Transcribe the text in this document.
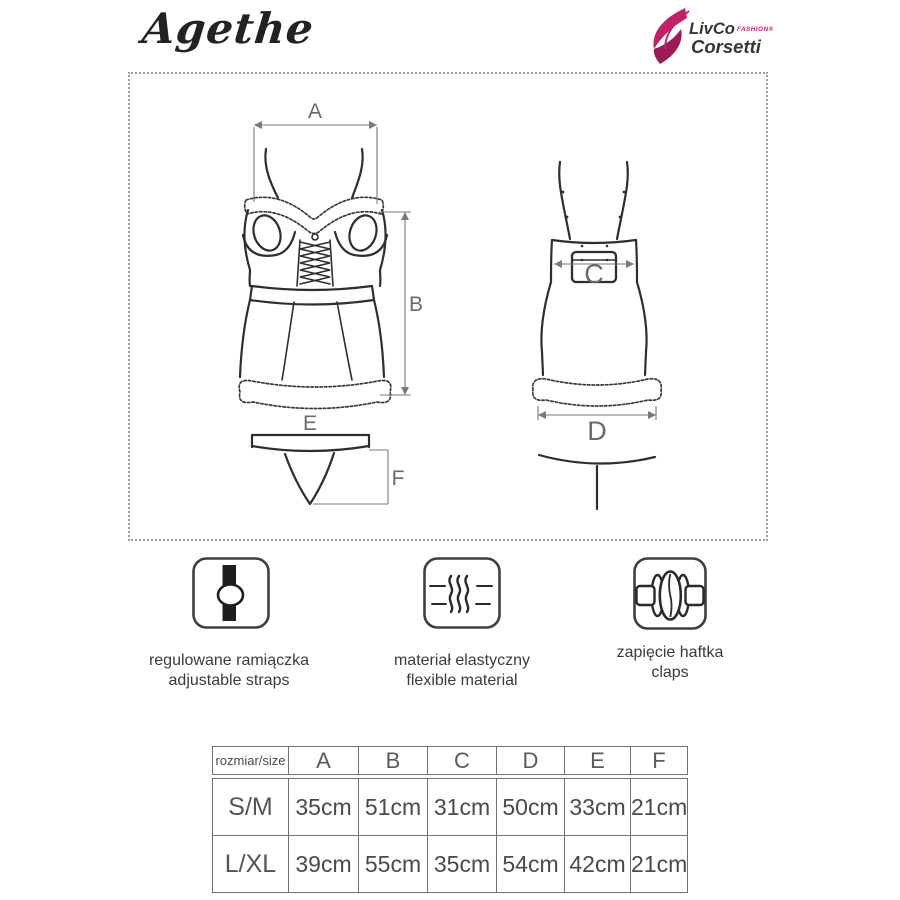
Agethe	LivCo FASHION®
Corsetti
A
B
C
D
E
F
regulowane ramiączka
adjustable straps
materiał elastyczny
flexible material
zapięcie haftka
claps
rozmiar/size	A	B	C	D	E	F
S/M	35cm	51cm	31cm	50cm	33cm	21cm
L/XL	39cm	55cm	35cm	54cm	42cm	21cm
